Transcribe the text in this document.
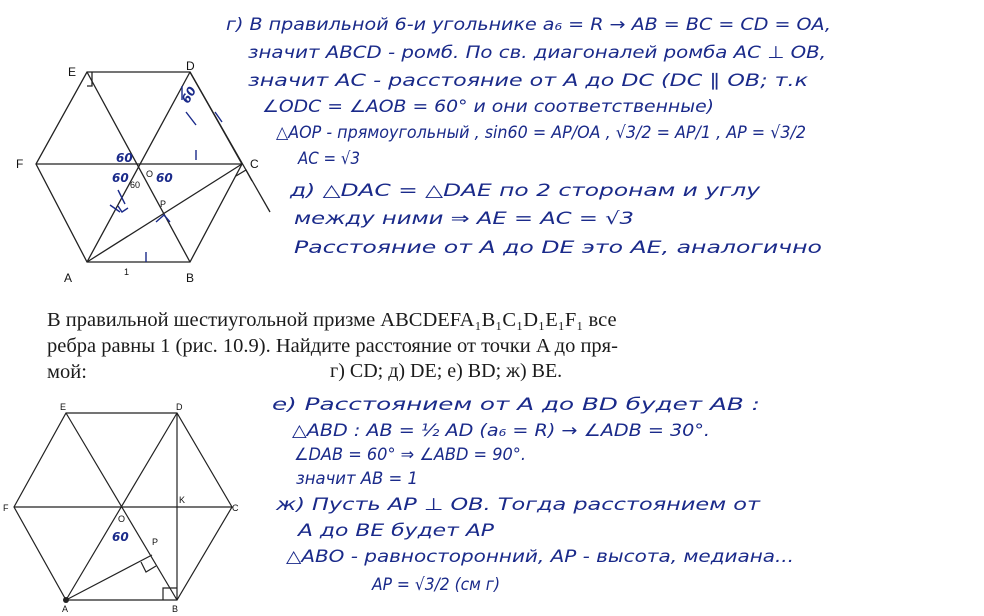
E	D
F	C
A	B
O
P
1
60
60
60 60
60
E	D
F	C
A	B
O
P
K
60
г) В правильной 6-и угольнике a₆ = R → AB = BC = CD = OA,
значит ABCD - ромб. По св. диагоналей ромба AC ⊥ OB,
значит AC - расстояние от A до DC (DC ∥ OB; т.к
∠ODC = ∠AOB = 60° и они соответственные)
△AOP - прямоугольный , sin60 = AP/OA , √3/2 = AP/1 , AP = √3/2
AC = √3
д) △DAC = △DAE по 2 сторонам и углу
между ними ⇒ AE = AC = √3
Расстояние от A до DE это AE, аналогично
В правильной шестиугольной призме ABCDEFA₁B₁C₁D₁E₁F₁ все
ребра равны 1 (рис. 10.9). Найдите расстояние от точки A до пря-
мой:	г) CD; д) DE; е) BD; ж) BE.
е) Расстоянием от A до BD будет AB :
△ABD : AB = ½ AD (a₆ = R) → ∠ADB = 30°.
∠DAB = 60° ⇒ ∠ABD = 90°.
значит AB = 1
ж) Пусть AP ⊥ OB. Тогда расстоянием от
A до BE будет AP
△ABO - равносторонний, AP - высота, медиана...
AP = √3/2 (см г)
